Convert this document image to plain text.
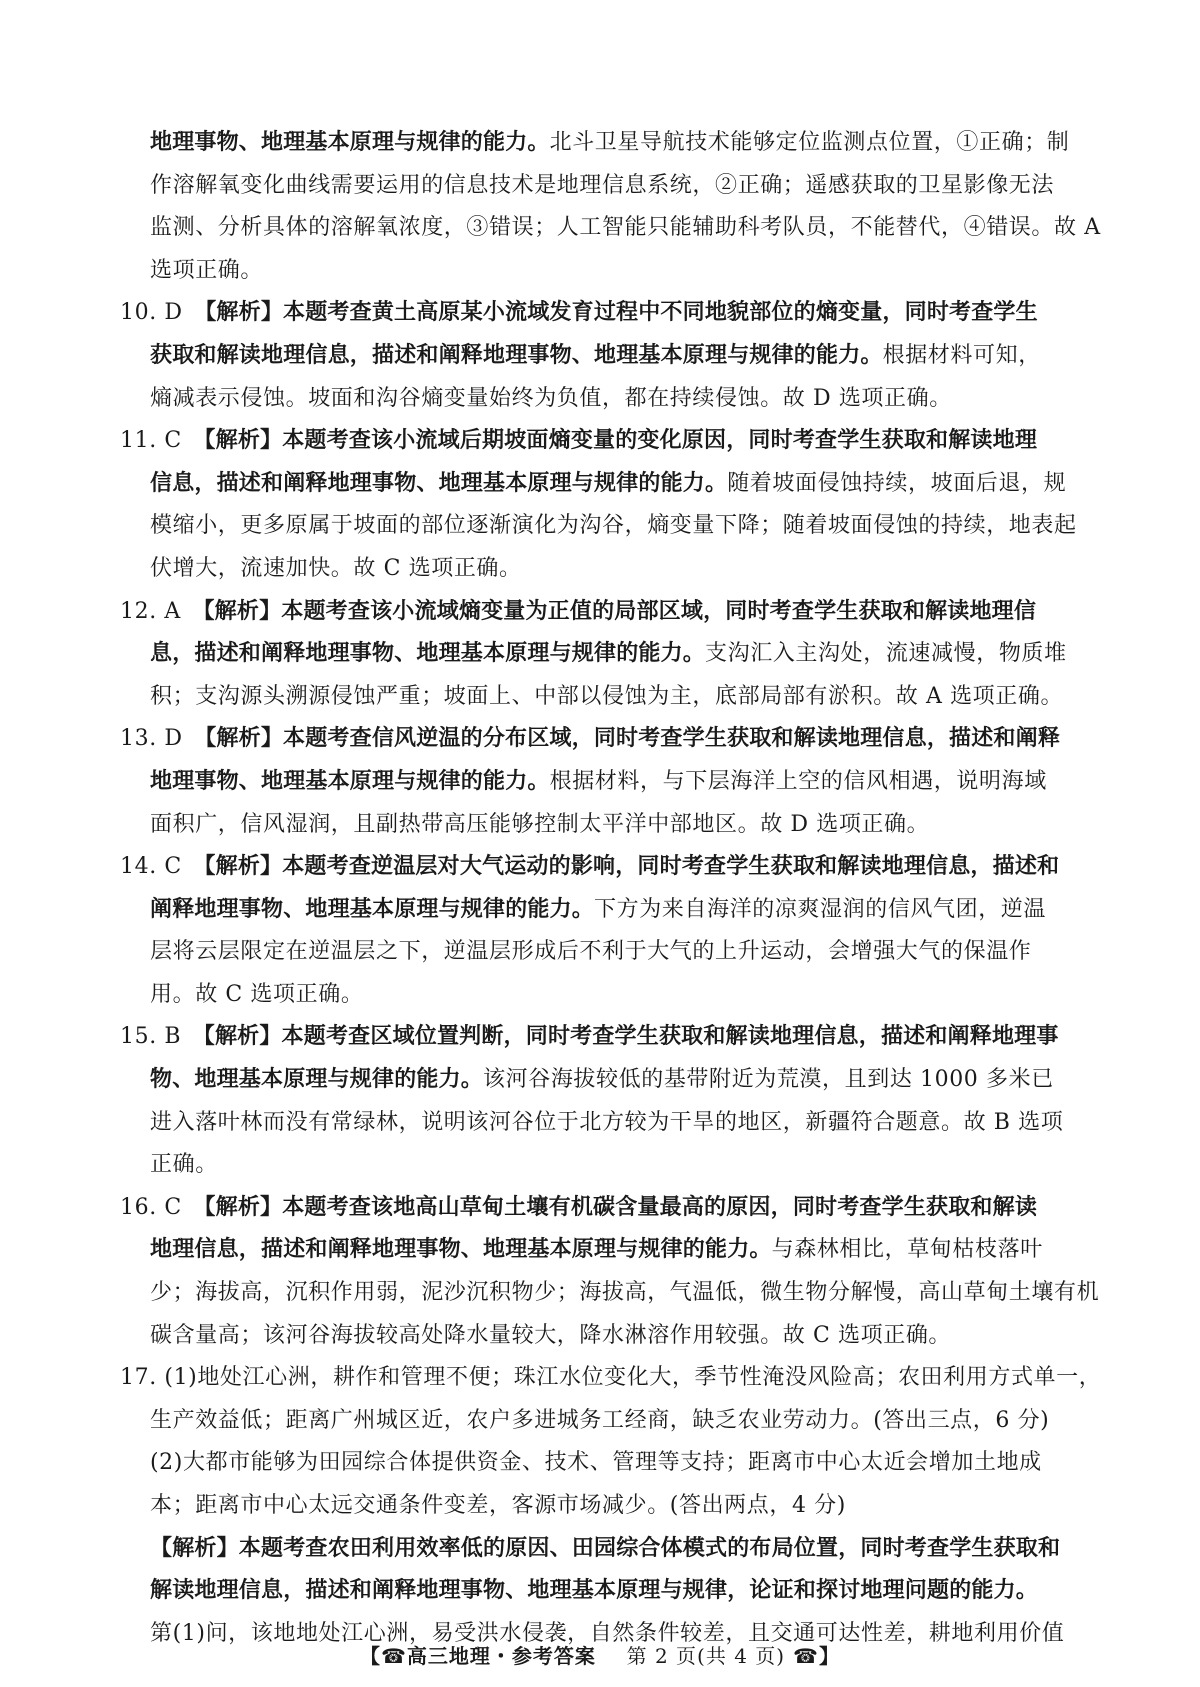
地理事物、地理基本原理与规律的能力。北斗卫星导航技术能够定位监测点位置，①正确；制
作溶解氧变化曲线需要运用的信息技术是地理信息系统，②正确；遥感获取的卫星影像无法
监测、分析具体的溶解氧浓度，③错误；人工智能只能辅助科考队员，不能替代，④错误。故 A
选项正确。
10. D　【解析】本题考查黄土高原某小流域发育过程中不同地貌部位的熵变量，同时考查学生
获取和解读地理信息，描述和阐释地理事物、地理基本原理与规律的能力。根据材料可知，
熵减表示侵蚀。坡面和沟谷熵变量始终为负值，都在持续侵蚀。故 D 选项正确。
11. C　【解析】本题考查该小流域后期坡面熵变量的变化原因，同时考查学生获取和解读地理
信息，描述和阐释地理事物、地理基本原理与规律的能力。随着坡面侵蚀持续，坡面后退，规
模缩小，更多原属于坡面的部位逐渐演化为沟谷，熵变量下降；随着坡面侵蚀的持续，地表起
伏增大，流速加快。故 C 选项正确。
12. A　【解析】本题考查该小流域熵变量为正值的局部区域，同时考查学生获取和解读地理信
息，描述和阐释地理事物、地理基本原理与规律的能力。支沟汇入主沟处，流速减慢，物质堆
积；支沟源头溯源侵蚀严重；坡面上、中部以侵蚀为主，底部局部有淤积。故 A 选项正确。
13. D　【解析】本题考查信风逆温的分布区域，同时考查学生获取和解读地理信息，描述和阐释
地理事物、地理基本原理与规律的能力。根据材料，与下层海洋上空的信风相遇，说明海域
面积广，信风湿润，且副热带高压能够控制太平洋中部地区。故 D 选项正确。
14. C　【解析】本题考查逆温层对大气运动的影响，同时考查学生获取和解读地理信息，描述和
阐释地理事物、地理基本原理与规律的能力。下方为来自海洋的凉爽湿润的信风气团，逆温
层将云层限定在逆温层之下，逆温层形成后不利于大气的上升运动，会增强大气的保温作
用。故 C 选项正确。
15. B　【解析】本题考查区域位置判断，同时考查学生获取和解读地理信息，描述和阐释地理事
物、地理基本原理与规律的能力。该河谷海拔较低的基带附近为荒漠，且到达 1000 多米已
进入落叶林而没有常绿林，说明该河谷位于北方较为干旱的地区，新疆符合题意。故 B 选项
正确。
16. C　【解析】本题考查该地高山草甸土壤有机碳含量最高的原因，同时考查学生获取和解读
地理信息，描述和阐释地理事物、地理基本原理与规律的能力。与森林相比，草甸枯枝落叶
少；海拔高，沉积作用弱，泥沙沉积物少；海拔高，气温低，微生物分解慢，高山草甸土壤有机
碳含量高；该河谷海拔较高处降水量较大，降水淋溶作用较强。故 C 选项正确。
17. (1)地处江心洲，耕作和管理不便；珠江水位变化大，季节性淹没风险高；农田利用方式单一，
生产效益低；距离广州城区近，农户多进城务工经商，缺乏农业劳动力。(答出三点，6 分)
(2)大都市能够为田园综合体提供资金、技术、管理等支持；距离市中心太近会增加土地成
本；距离市中心太远交通条件变差，客源市场减少。(答出两点，4 分)
【解析】本题考查农田利用效率低的原因、田园综合体模式的布局位置，同时考查学生获取和
解读地理信息，描述和阐释地理事物、地理基本原理与规律，论证和探讨地理问题的能力。
第(1)问，该地地处江心洲，易受洪水侵袭，自然条件较差，且交通可达性差，耕地利用价值
【☎高三地理・参考答案 第 2 页(共 4 页) ☎】
